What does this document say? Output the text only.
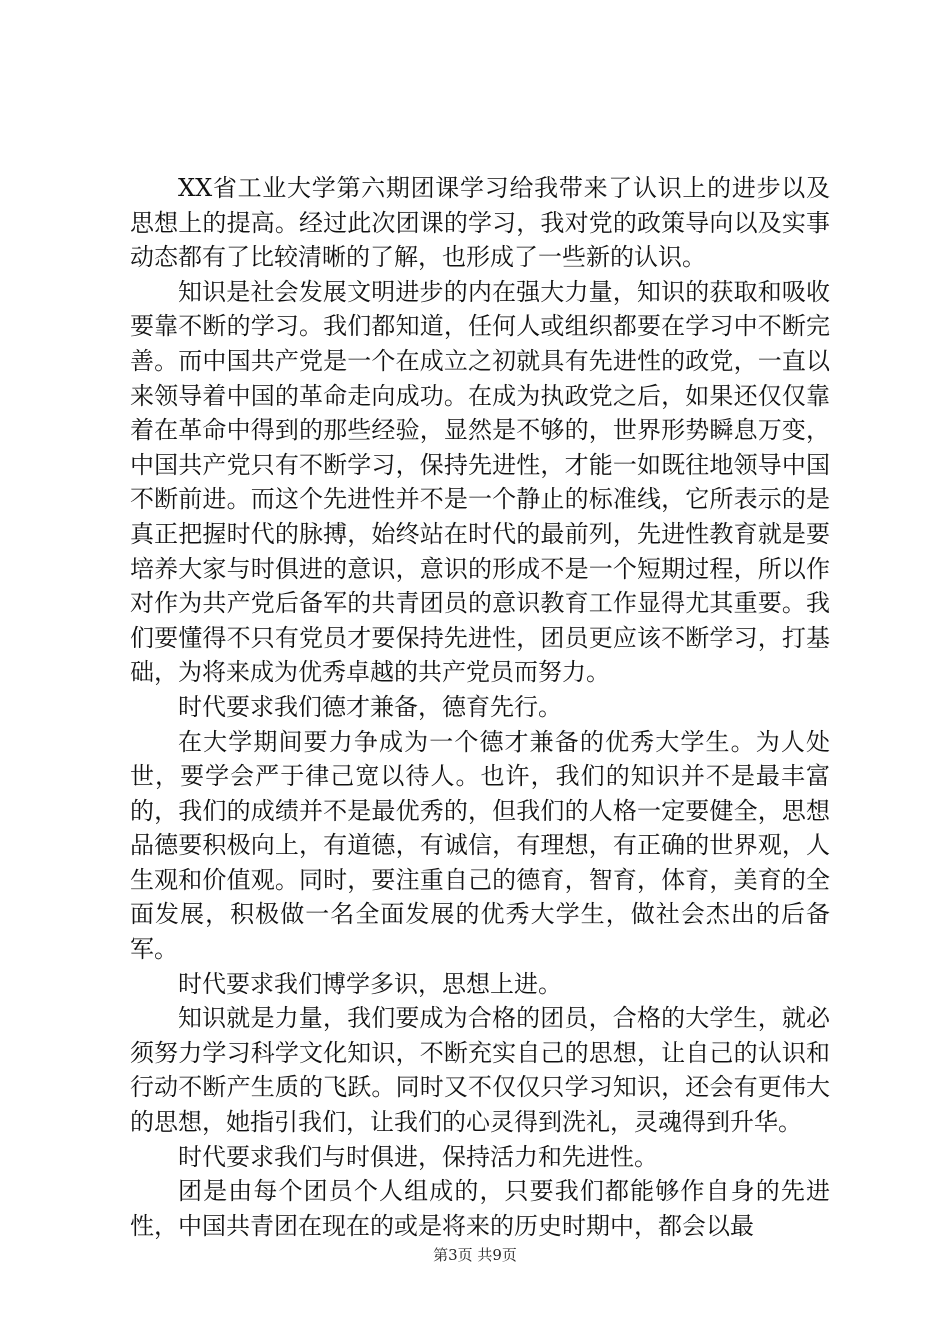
XX省工业大学第六期团课学习给我带来了认识上的进步以及思想上的提高。经过此次团课的学习，我对党的政策导向以及实事动态都有了比较清晰的了解，也形成了一些新的认识。

知识是社会发展文明进步的内在强大力量，知识的获取和吸收要靠不断的学习。我们都知道，任何人或组织都要在学习中不断完善。而中国共产党是一个在成立之初就具有先进性的政党，一直以来领导着中国的革命走向成功。在成为执政党之后，如果还仅仅靠着在革命中得到的那些经验，显然是不够的，世界形势瞬息万变，中国共产党只有不断学习，保持先进性，才能一如既往地领导中国不断前进。而这个先进性并不是一个静止的标准线，它所表示的是真正把握时代的脉搏，始终站在时代的最前列，先进性教育就是要培养大家与时俱进的意识，意识的形成不是一个短期过程，所以作对作为共产党后备军的共青团员的意识教育工作显得尤其重要。我们要懂得不只有党员才要保持先进性，团员更应该不断学习，打基础，为将来成为优秀卓越的共产党员而努力。

时代要求我们德才兼备，德育先行。

在大学期间要力争成为一个德才兼备的优秀大学生。为人处世，要学会严于律己宽以待人。也许，我们的知识并不是最丰富的，我们的成绩并不是最优秀的，但我们的人格一定要健全，思想品德要积极向上，有道德，有诚信，有理想，有正确的世界观，人生观和价值观。同时，要注重自己的德育，智育，体育，美育的全面发展，积极做一名全面发展的优秀大学生，做社会杰出的后备军。

时代要求我们博学多识，思想上进。

知识就是力量，我们要成为合格的团员，合格的大学生，就必须努力学习科学文化知识，不断充实自己的思想，让自己的认识和行动不断产生质的飞跃。同时又不仅仅只学习知识，还会有更伟大的思想，她指引我们，让我们的心灵得到洗礼，灵魂得到升华。

时代要求我们与时俱进，保持活力和先进性。

团是由每个团员个人组成的，只要我们都能够作自身的先进性，中国共青团在现在的或是将来的历史时期中，都会以最

第3页 共9页
